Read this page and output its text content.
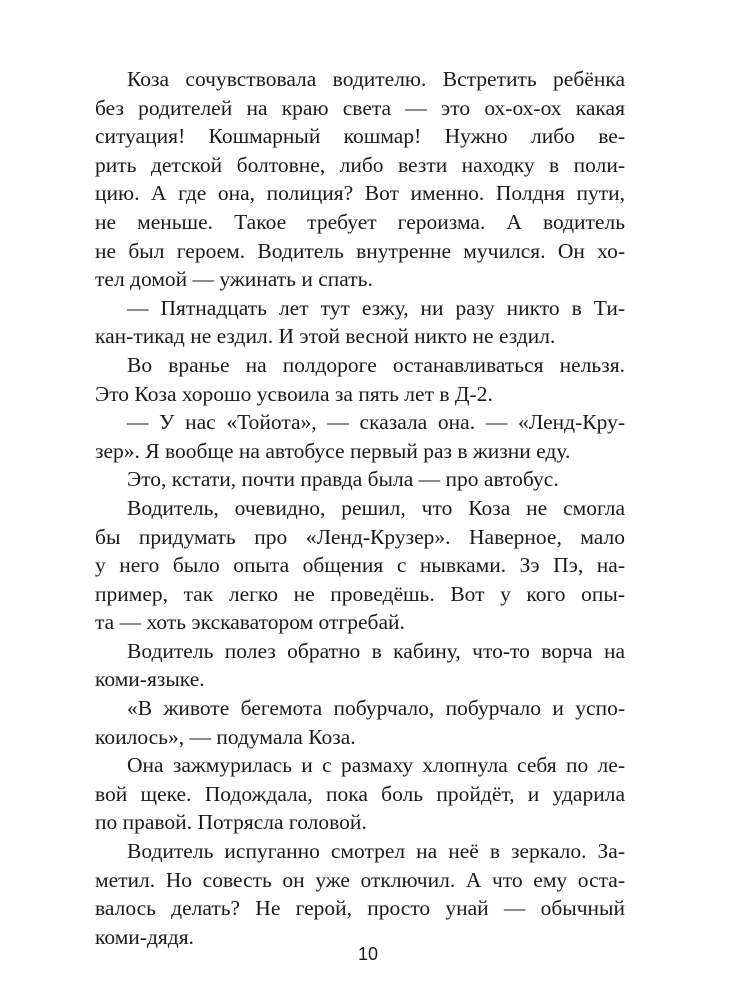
Коза сочувствовала водителю. Встретить ребёнка
без родителей на краю света — это ох-ох-ох какая
ситуация! Кошмарный кошмар! Нужно либо ве-
рить детской болтовне, либо везти находку в поли-
цию. А где она, полиция? Вот именно. Полдня пути,
не меньше. Такое требует героизма. А водитель
не был героем. Водитель внутренне мучился. Он хо-
тел домой — ужинать и спать.
— Пятнадцать лет тут езжу, ни разу никто в Ти-
кан-тикад не ездил. И этой весной никто не ездил.
Во вранье на полдороге останавливаться нельзя.
Это Коза хорошо усвоила за пять лет в Д-2.
— У нас «Тойота», — сказала она. — «Ленд-Кру-
зер». Я вообще на автобусе первый раз в жизни еду.
Это, кстати, почти правда была — про автобус.
Водитель, очевидно, решил, что Коза не смогла
бы придумать про «Ленд-Крузер». Наверное, мало
у него было опыта общения с нывками. Зэ Пэ, на-
пример, так легко не проведёшь. Вот у кого опы-
та — хоть экскаватором отгребай.
Водитель полез обратно в кабину, что-то ворча на
коми-языке.
«В животе бегемота побурчало, побурчало и успо-
коилось», — подумала Коза.
Она зажмурилась и с размаху хлопнула себя по ле-
вой щеке. Подождала, пока боль пройдёт, и ударила
по правой. Потрясла головой.
Водитель испуганно смотрел на неё в зеркало. За-
метил. Но совесть он уже отключил. А что ему оста-
валось делать? Не герой, просто унай — обычный
коми-дядя.
10
